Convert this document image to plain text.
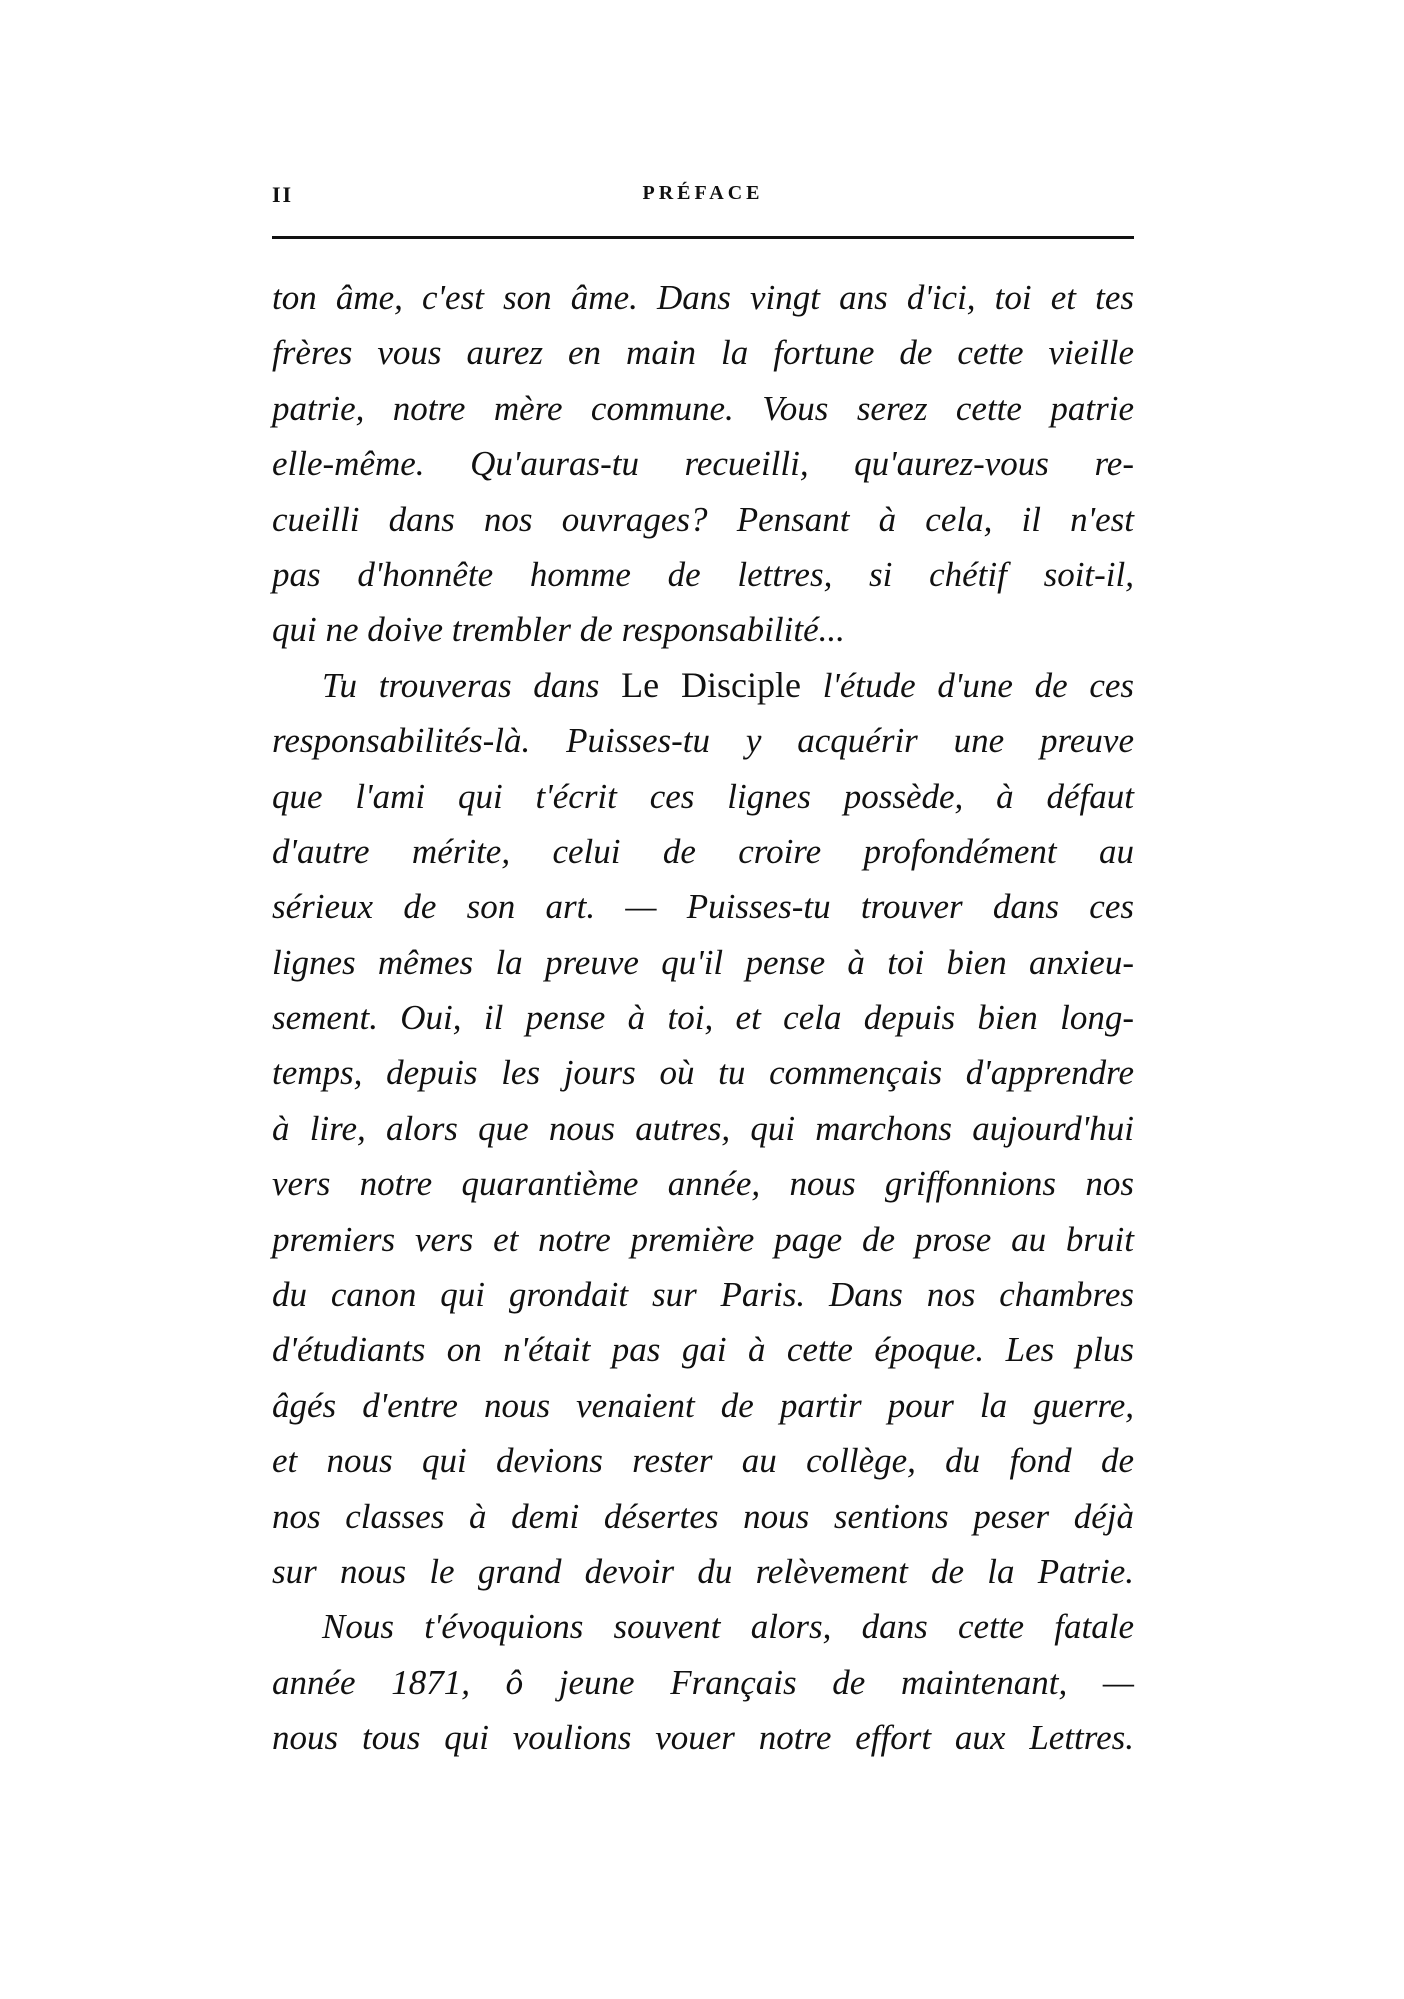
II	PRÉFACE
ton âme, c'est son âme. Dans vingt ans d'ici, toi et tes
frères vous aurez en main la fortune de cette vieille
patrie, notre mère commune. Vous serez cette patrie
elle-même. Qu'auras-tu recueilli, qu'aurez-vous re-
cueilli dans nos ouvrages? Pensant à cela, il n'est
pas d'honnête homme de lettres, si chétif soit-il,
qui ne doive trembler de responsabilité...
Tu trouveras dans Le Disciple l'étude d'une de ces
responsabilités-là. Puisses-tu y acquérir une preuve
que l'ami qui t'écrit ces lignes possède, à défaut
d'autre mérite, celui de croire profondément au
sérieux de son art. — Puisses-tu trouver dans ces
lignes mêmes la preuve qu'il pense à toi bien anxieu-
sement. Oui, il pense à toi, et cela depuis bien long-
temps, depuis les jours où tu commençais d'apprendre
à lire, alors que nous autres, qui marchons aujourd'hui
vers notre quarantième année, nous griffonnions nos
premiers vers et notre première page de prose au bruit
du canon qui grondait sur Paris. Dans nos chambres
d'étudiants on n'était pas gai à cette époque. Les plus
âgés d'entre nous venaient de partir pour la guerre,
et nous qui devions rester au collège, du fond de
nos classes à demi désertes nous sentions peser déjà
sur nous le grand devoir du relèvement de la Patrie.
Nous t'évoquions souvent alors, dans cette fatale
année 1871, ô jeune Français de maintenant, —
nous tous qui voulions vouer notre effort aux Lettres.
